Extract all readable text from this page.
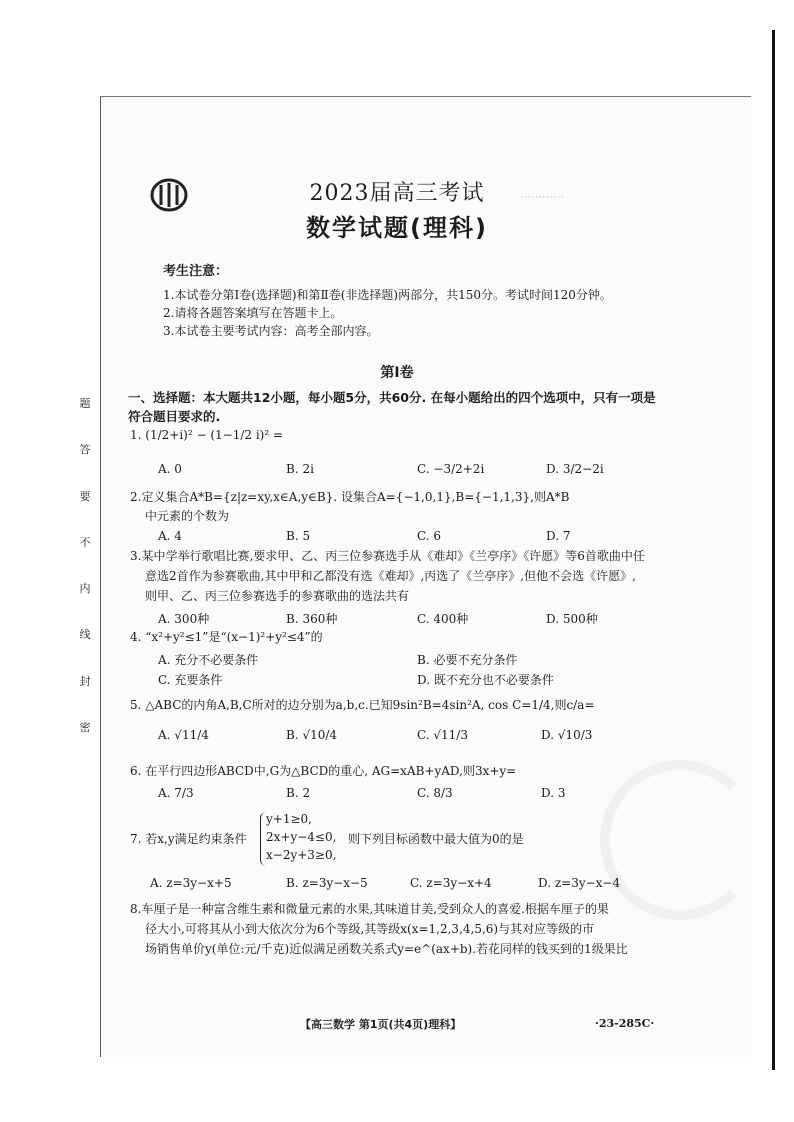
⋯⋯⋯⋯
题
答
要
不
内
线
封
密
2023届高三考试
数学试题(理科)
考生注意：
1.本试卷分第Ⅰ卷(选择题)和第Ⅱ卷(非选择题)两部分，共150分。考试时间120分钟。
2.请将各题答案填写在答题卡上。
3.本试卷主要考试内容：高考全部内容。
第Ⅰ卷
一、选择题：本大题共12小题，每小题5分，共60分. 在每小题给出的四个选项中，只有一项是符合题目要求的.
1. (1/2+i)² − (1−1/2 i)² =
A. 0	B. 2i	C. −3/2+2i	D. 3/2−2i
2.定义集合A*B={z|z=xy,x∈A,y∈B}. 设集合A={−1,0,1},B={−1,1,3},则A*B
中元素的个数为
A. 4	B. 5	C. 6	D. 7
3.某中学举行歌唱比赛,要求甲、乙、丙三位参赛选手从《难却》《兰亭序》《许愿》等6首歌曲中任
意选2首作为参赛歌曲,其中甲和乙都没有选《难却》,丙选了《兰亭序》,但他不会选《许愿》,
则甲、乙、丙三位参赛选手的参赛歌曲的选法共有
A. 300种	B. 360种	C. 400种	D. 500种
4. “x²+y²≤1”是“(x−1)²+y²≤4”的
A. 充分不必要条件	B. 必要不充分条件
C. 充要条件	D. 既不充分也不必要条件
5. △ABC的内角A,B,C所对的边分别为a,b,c.已知9sin²B=4sin²A, cos C=1/4,则c/a=
A. √11/4	B. √10/4	C. √11/3	D. √10/3
6. 在平行四边形ABCD中,G为△BCD的重心, AG=xAB+yAD,则3x+y=
A. 7/3	B. 2	C. 8/3	D. 3
7. 若x,y满足约束条件
y+1≥0,
2x+y−4≤0,
x−2y+3≥0,
则下列目标函数中最大值为0的是
A. z=3y−x+5	B. z=3y−x−5	C. z=3y−x+4	D. z=3y−x−4
8.车厘子是一种富含维生素和微量元素的水果,其味道甘美,受到众人的喜爱.根据车厘子的果
径大小,可将其从小到大依次分为6个等级,其等级x(x=1,2,3,4,5,6)与其对应等级的市
场销售单价y(单位:元/千克)近似满足函数关系式y=e^(ax+b).若花同样的钱买到的1级果比
【高三数学 第1页(共4页)理科】	·23-285C·
